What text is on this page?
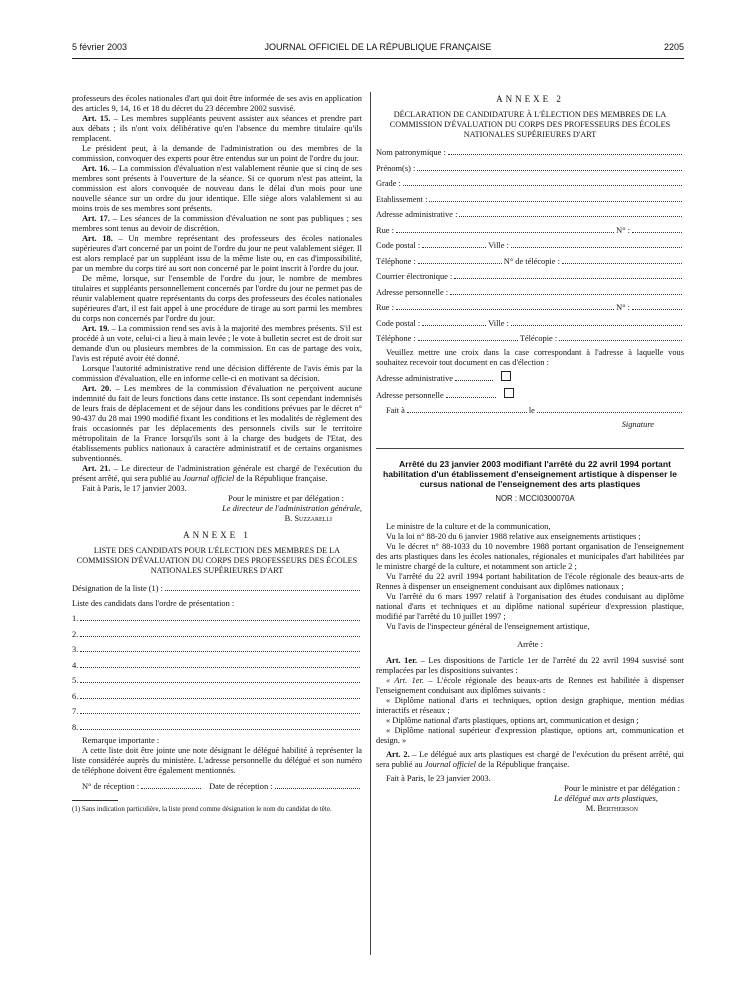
5 février 2003	JOURNAL OFFICIEL DE LA RÉPUBLIQUE FRANÇAISE	2205

professeurs des écoles nationales d'art qui doit être informée de ses avis en application des articles 9, 14, 16 et 18 du décret du 23 décembre 2002 susvisé.

Art. 15. – Les membres suppléants peuvent assister aux séances et prendre part aux débats ; ils n'ont voix délibérative qu'en l'absence du membre titulaire qu'ils remplacent.

Le président peut, à la demande de l'administration ou des membres de la commission, convoquer des experts pour être entendus sur un point de l'ordre du jour.

Art. 16. – La commission d'évaluation n'est valablement réunie que si cinq de ses membres sont présents à l'ouverture de la séance. Si ce quorum n'est pas atteint, la commission est alors convoquée de nouveau dans le délai d'un mois pour une nouvelle séance sur un ordre du jour identique. Elle siège alors valablement si au moins trois de ses membres sont présents.

Art. 17. – Les séances de la commission d'évaluation ne sont pas publiques ; ses membres sont tenus au devoir de discrétion.

Art. 18. – Un membre représentant des professeurs des écoles nationales supérieures d'art concerné par un point de l'ordre du jour ne peut valablement siéger. Il est alors remplacé par un suppléant issu de la même liste ou, en cas d'impossibilité, par un membre du corps tiré au sort non concerné par le point inscrit à l'ordre du jour.

De même, lorsque, sur l'ensemble de l'ordre du jour, le nombre de membres titulaires et suppléants personnellement concernés par l'ordre du jour ne permet pas de réunir valablement quatre représentants du corps des professeurs des écoles nationales supérieures d'art, il est fait appel à une procédure de tirage au sort parmi les membres du corps non concernés par l'ordre du jour.

Art. 19. – La commission rend ses avis à la majorité des membres présents. S'il est procédé à un vote, celui-ci a lieu à main levée ; le vote à bulletin secret est de droit sur demande d'un ou plusieurs membres de la commission. En cas de partage des voix, l'avis est réputé avoir été donné.

Lorsque l'autorité administrative rend une décision différente de l'avis émis par la commission d'évaluation, elle en informe celle-ci en motivant sa décision.

Art. 20. – Les membres de la commission d'évaluation ne perçoivent aucune indemnité du fait de leurs fonctions dans cette instance. Ils sont cependant indemnisés de leurs frais de déplacement et de séjour dans les conditions prévues par le décret n° 90-437 du 28 mai 1990 modifié fixant les conditions et les modalités de règlement des frais occasionnés par les déplacements des personnels civils sur le territoire métropolitain de la France lorsqu'ils sont à la charge des budgets de l'Etat, des établissements publics nationaux à caractère administratif et de certains organismes subventionnés.

Art. 21. – Le directeur de l'administration générale est chargé de l'exécution du présent arrêté, qui sera publié au Journal officiel de la République française.

Fait à Paris, le 17 janvier 2003.

Pour le ministre et par délégation :

Le directeur de l'administration générale,

B. Suzzarelli

ANNEXE 1

LISTE DES CANDIDATS POUR L'ÉLECTION DES MEMBRES DE LA COMMISSION D'ÉVALUATION DU CORPS DES PROFESSEURS DES ÉCOLES NATIONALES SUPÉRIEURES D'ART

Désignation de la liste (1) :
Liste des candidats dans l'ordre de présentation :
1.
2.
3.
4.
5.
6.
7.
8.

Remarque importante :

A cette liste doit être jointe une note désignant le délégué habilité à représenter la liste considérée auprès du ministère. L'adresse personnelle du délégué et son numéro de téléphone doivent être également mentionnés.

N° de réception :	Date de réception :

(1) Sans indication particulière, la liste prend comme désignation le nom du candidat de tête.

ANNEXE 2

DÉCLARATION DE CANDIDATURE À L'ÉLECTION DES MEMBRES DE LA COMMISSION D'ÉVALUATION DU CORPS DES PROFESSEURS DES ÉCOLES NATIONALES SUPÉRIEURES D'ART

Nom patronymique :
Prénom(s) :
Grade :
Etablissement :
Adresse administrative :
Rue :	N° :
Code postal :	Ville :
Téléphone :	N° de télécopie :
Courrier électronique :
Adresse personnelle :
Rue :	N° :
Code postal :	Ville :
Téléphone :	Télécopie :

Veuillez mettre une croix dans la case correspondant à l'adresse à laquelle vous souhaitez recevoir tout document en cas d'élection :

Adresse administrative
Adresse personnelle
Fait à	le

Signature

Arrêté du 23 janvier 2003 modifiant l'arrêté du 22 avril 1994 portant habilitation d'un établissement d'enseignement artistique à dispenser le cursus national de l'enseignement des arts plastiques

NOR : MCCI0300070A

Le ministre de la culture et de la communication,

Vu la loi n° 88-20 du 6 janvier 1988 relative aux enseignements artistiques ;

Vu le décret n° 88-1033 du 10 novembre 1988 portant organisation de l'enseignement des arts plastiques dans les écoles nationales, régionales et municipales d'art habilitées par le ministre chargé de la culture, et notamment son article 2 ;

Vu l'arrêté du 22 avril 1994 portant habilitation de l'école régionale des beaux-arts de Rennes à dispenser un enseignement conduisant aux diplômes nationaux ;

Vu l'arrêté du 6 mars 1997 relatif à l'organisation des études conduisant au diplôme national d'arts et techniques et au diplôme national supérieur d'expression plastique, modifié par l'arrêté du 10 juillet 1997 ;

Vu l'avis de l'inspecteur général de l'enseignement artistique,

Arrête :

Art. 1er. – Les dispositions de l'article 1er de l'arrêté du 22 avril 1994 susvisé sont remplacées par les dispositions suivantes :

« Art. 1er. – L'école régionale des beaux-arts de Rennes est habilitée à dispenser l'enseignement conduisant aux diplômes suivants :

« Diplôme national d'arts et techniques, option design graphique, mention médias interactifs et réseaux ;

« Diplôme national d'arts plastiques, options art, communication et design ;

« Diplôme national supérieur d'expression plastique, options art, communication et design. »

Art. 2. – Le délégué aux arts plastiques est chargé de l'exécution du présent arrêté, qui sera publié au Journal officiel de la République française.

Fait à Paris, le 23 janvier 2003.

Pour le ministre et par délégation :

Le délégué aux arts plastiques,

M. Bertherson
